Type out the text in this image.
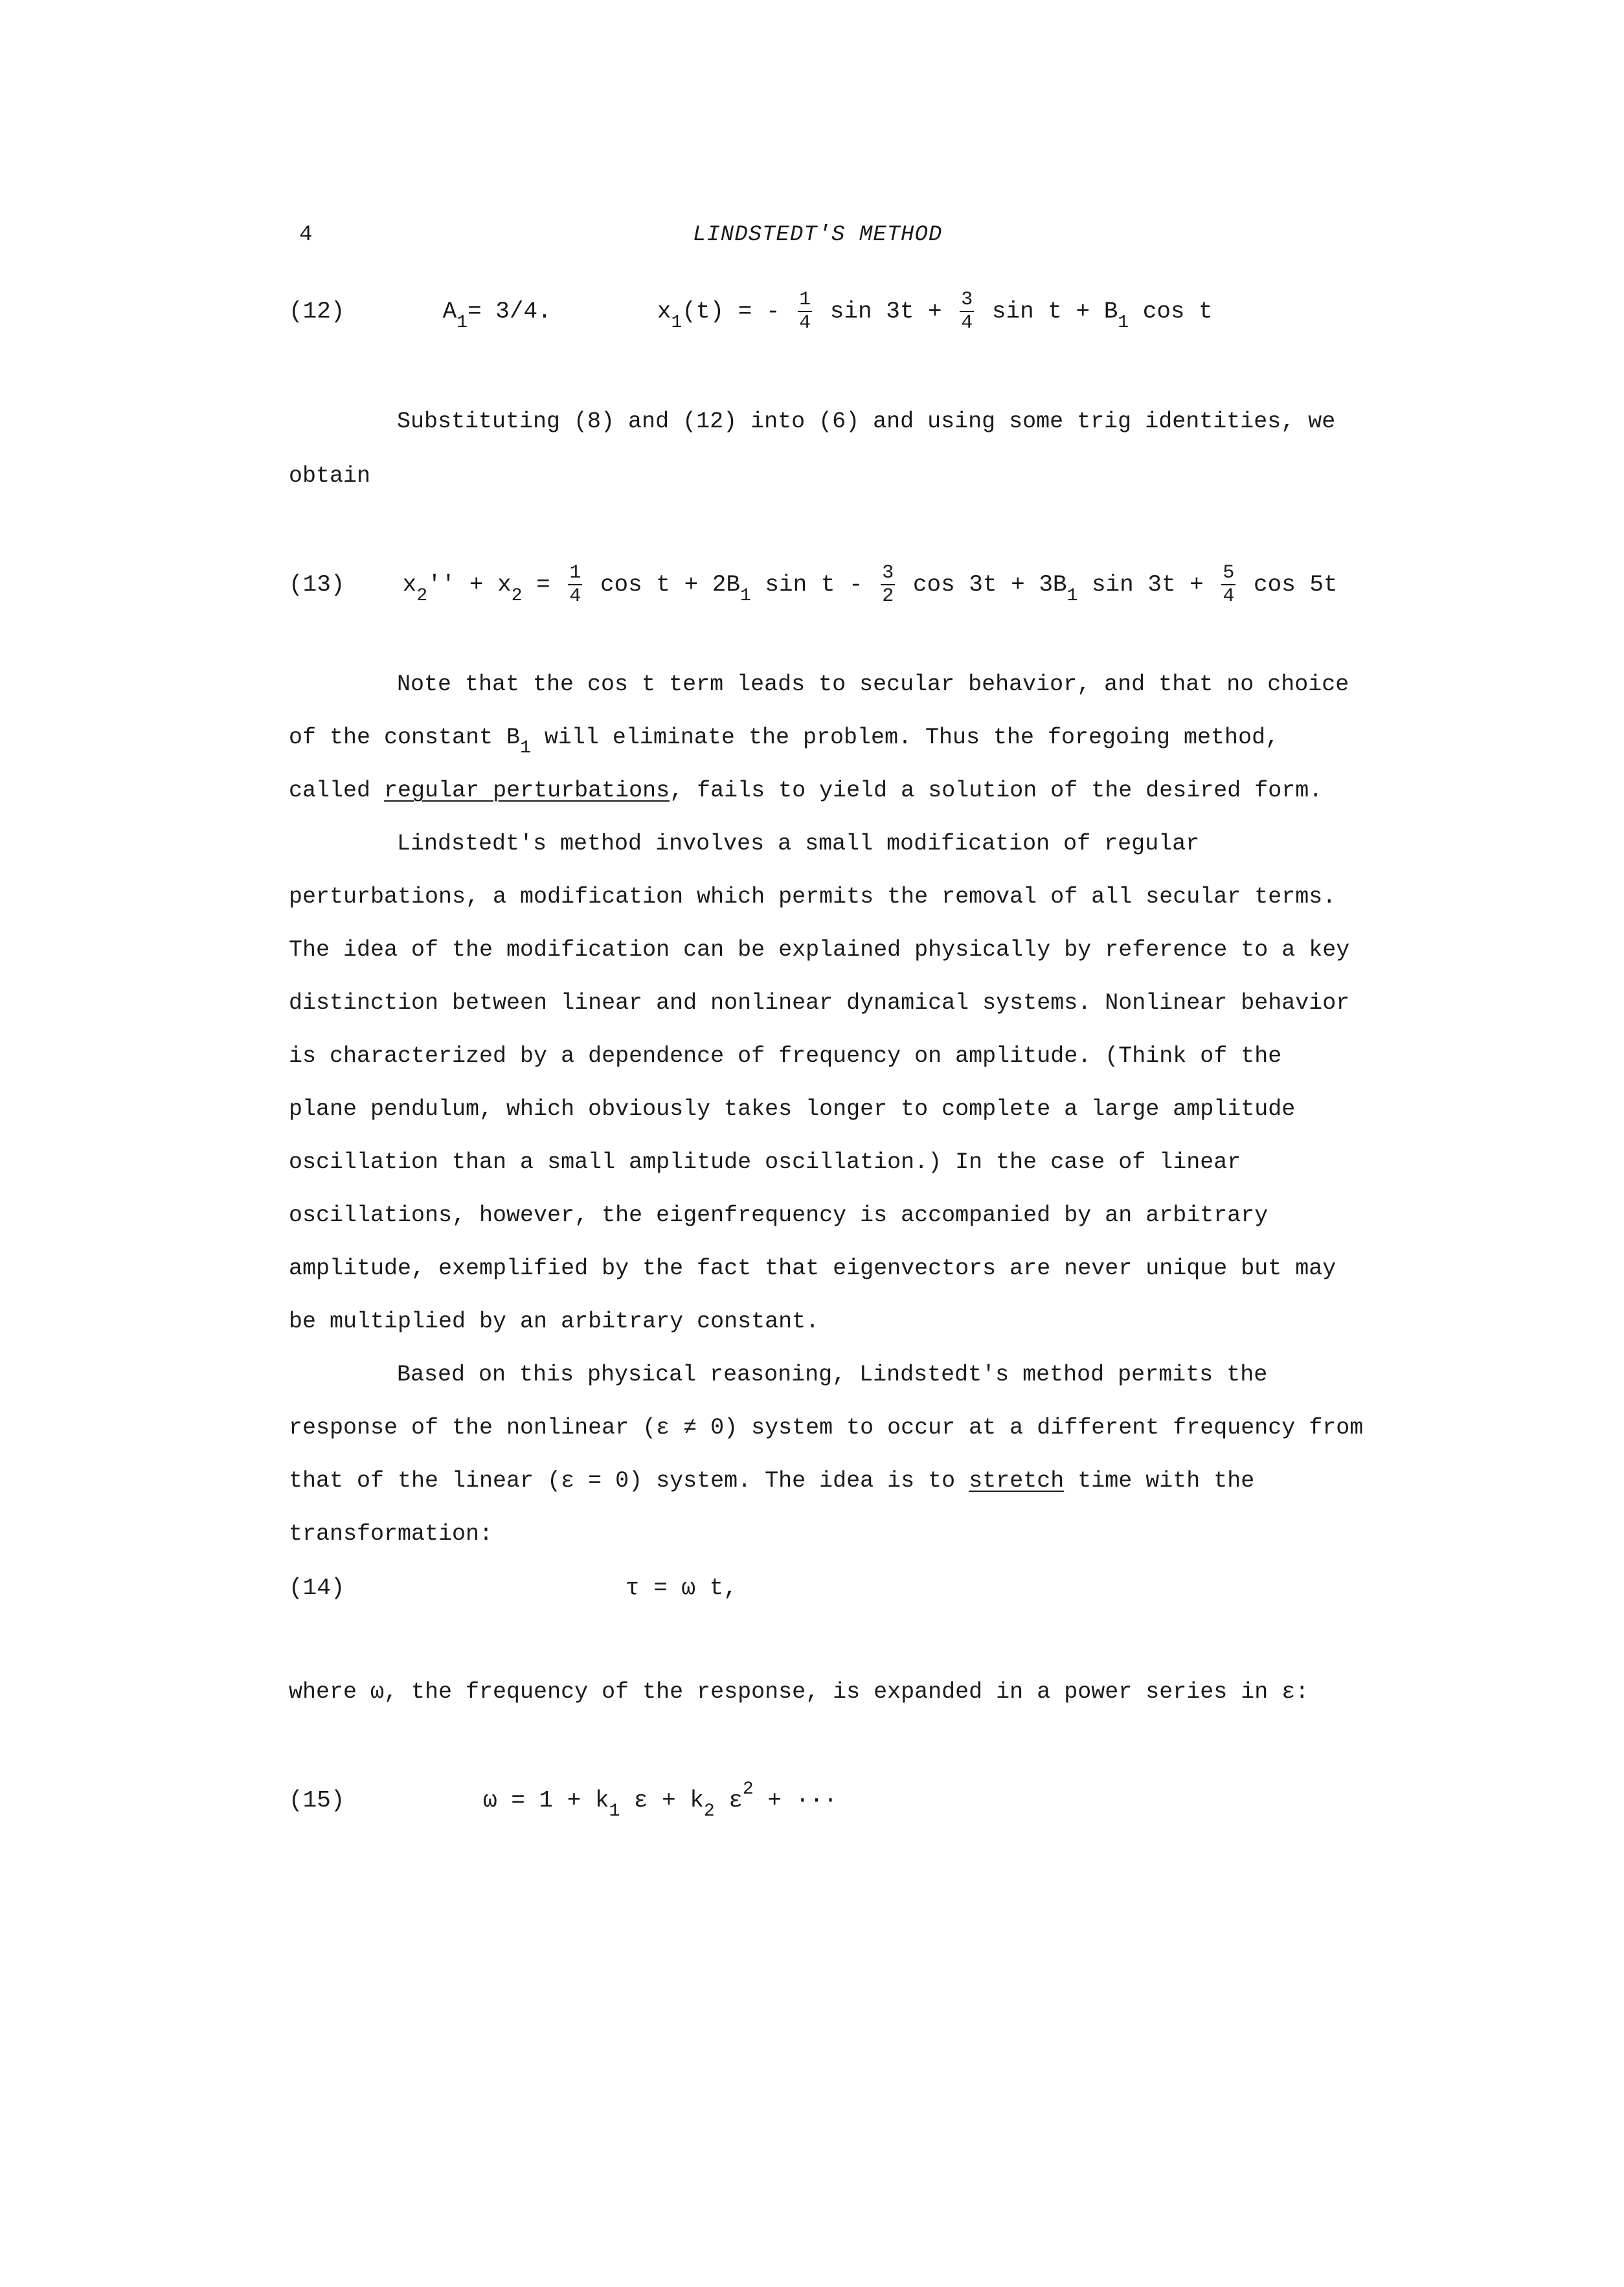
4	LINDSTEDT'S METHOD
(12)	$A_1= 3/4$.	$x_1(t)$ = - $\frac{1}{4}$ $\sin 3t + \frac{3}{4}$ $\sin t + B_1$ cos t
Substituting (8) and (12) into (6) and using some trig identities, we
obtain
(13) $x_2'' + x_2 = \frac{1}{4}$ $\cos t + 2B_1$ sin t - $\frac{3}{2}$ $\cos 3t + 3B_1$ $\sin 3t + \frac{5}{4}$ cos 5t
Note that the cos t term leads to secular behavior, and that no choice
of the constant $B_1$ will eliminate the problem. Thus the foregoing method,
called regular perturbations, fails to yield a solution of the desired form.
Lindstedt's method involves a small modification of regular
perturbations, a modification which permits the removal of all secular terms.
The idea of the modification can be explained physically by reference to a key
distinction between linear and nonlinear dynamical systems. Nonlinear behavior
is characterized by a dependence of frequency on amplitude. (Think of the
plane pendulum, which obviously takes longer to complete a large amplitude
oscillation than a small amplitude oscillation.) In the case of linear
oscillations, however, the eigenfrequency is accompanied by an arbitrary
amplitude, exemplified by the fact that eigenvectors are never unique but may
be multiplied by an arbitrary constant.
Based on this physical reasoning, Lindstedt's method permits the
response of the nonlinear (ε ≠ 0) system to occur at a different frequency from
that of the linear (ε = 0) system. The idea is to stretch time with the
transformation:
(14)	τ = ω t,
where ω, the frequency of the response, is expanded in a power series in ε:
(15)	$\omega = 1 + k_1$ $\varepsilon + k_2$ $\varepsilon^2$ + ···
